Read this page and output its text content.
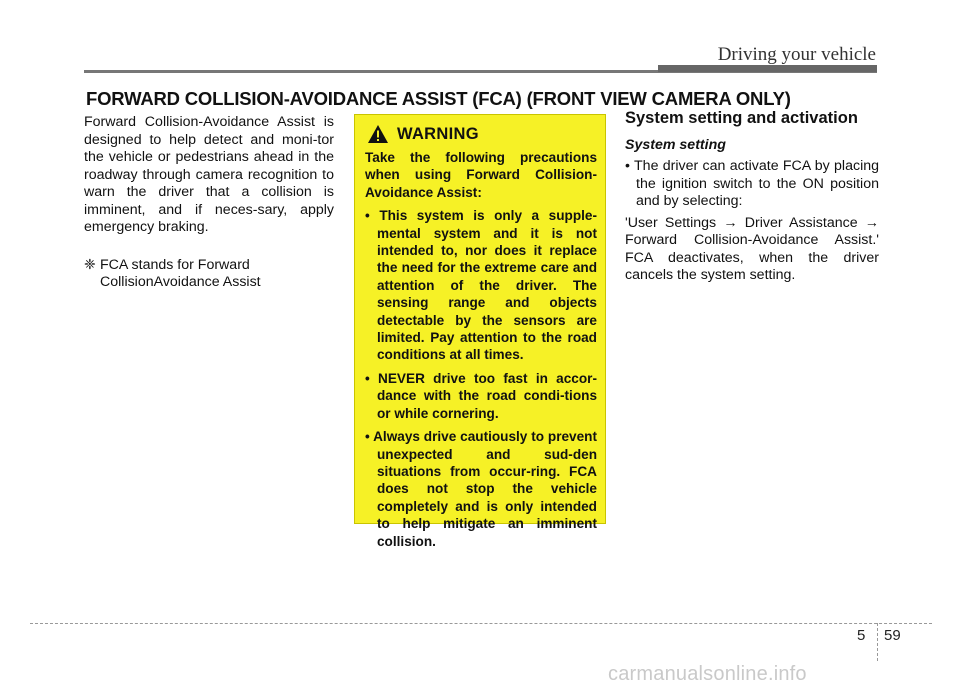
Driving your vehicle
FORWARD COLLISION-AVOIDANCE ASSIST (FCA) (FRONT VIEW CAMERA ONLY)

Forward Collision-Avoidance Assist is designed to help detect and moni-tor the vehicle or pedestrians ahead in the roadway through camera recognition to warn the driver that a collision is imminent, and if neces-sary, apply emergency braking.

❈ FCA stands for Forward
CollisionAvoidance Assist
WARNING

Take the following precautions when using Forward Collision-Avoidance Assist:

• This system is only a supple-mental system and it is not intended to, nor does it replace the need for the extreme care and attention of the driver. The sensing range and objects detectable by the sensors are limited. Pay attention to the road conditions at all times.
• NEVER drive too fast in accor-dance with the road condi-tions or while cornering.
• Always drive cautiously to prevent unexpected and sud-den situations from occur-ring. FCA does not stop the vehicle completely and is only intended to help mitigate an imminent collision.
System setting and activation
System setting

• The driver can activate FCA by placing the ignition switch to the ON position and by selecting:

'User Settings → Driver Assistance → Forward Collision-Avoidance Assist.' FCA deactivates, when the driver cancels the system setting.

5 59
carmanualsonline.info
